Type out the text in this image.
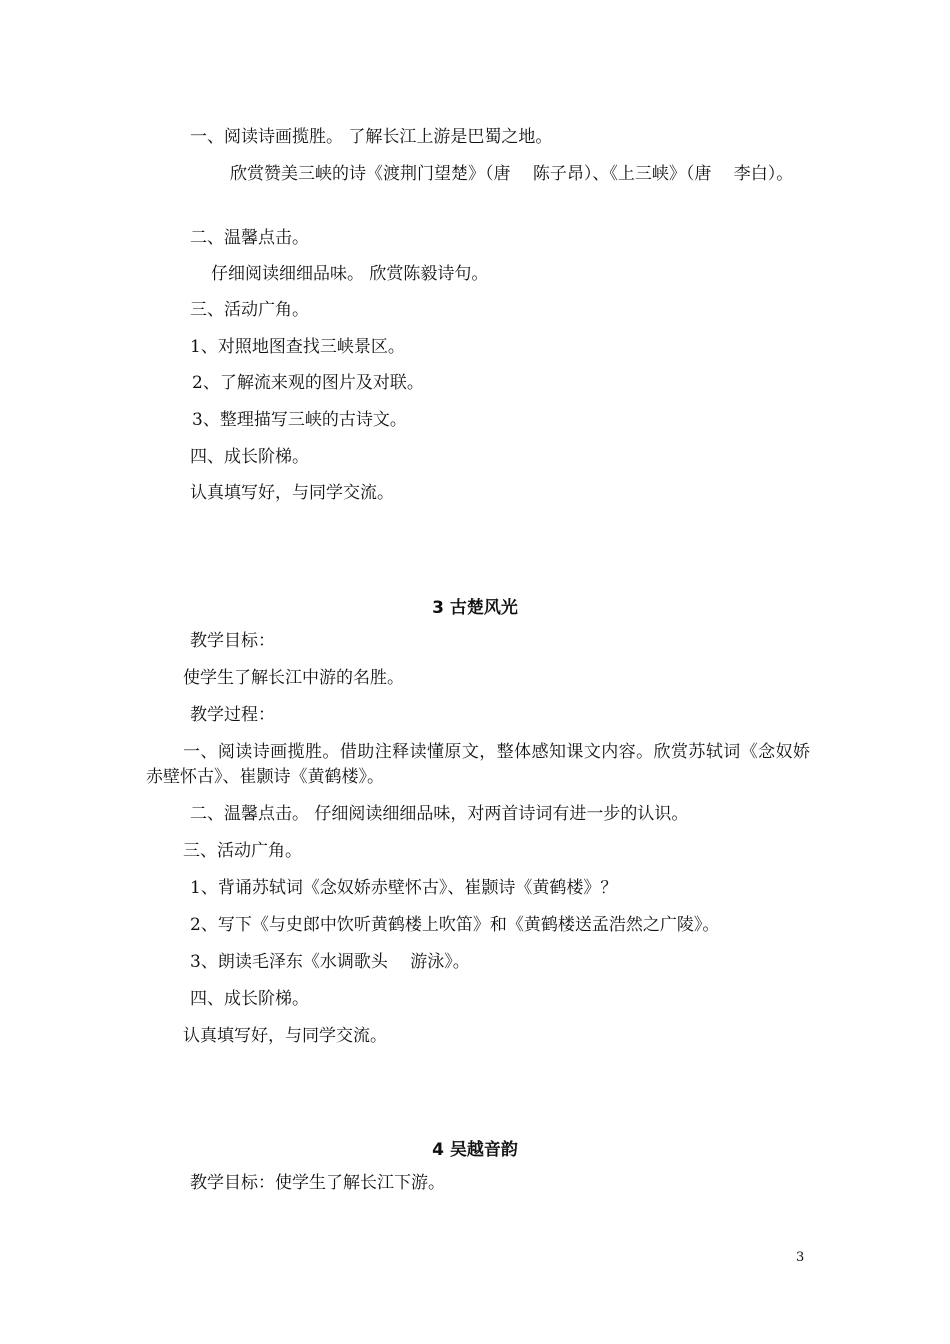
一、阅读诗画揽胜。 了解长江上游是巴蜀之地。
欣赏赞美三峡的诗《渡荆门望楚》（唐　 陈子昂）、《上三峡》（唐　 李白）。
二、温馨点击。
仔细阅读细细品味。 欣赏陈毅诗句。
三、活动广角。
1、对照地图查找三峡景区。
2、了解流来观的图片及对联。
3、整理描写三峡的古诗文。
四、成长阶梯。
认真填写好，与同学交流。
3 古楚风光
教学目标：
使学生了解长江中游的名胜。
教学过程：
一、阅读诗画揽胜。借助注释读懂原文，整体感知课文内容。欣赏苏轼词《念奴娇 赤壁怀古》、崔颢诗《黄鹤楼》。
二、温馨点击。 仔细阅读细细品味，对两首诗词有进一步的认识。
三、活动广角。
1、背诵苏轼词《念奴娇赤壁怀古》、崔颢诗《黄鹤楼》？
2、写下《与史郎中饮听黄鹤楼上吹笛》和《黄鹤楼送孟浩然之广陵》。
3、朗读毛泽东《水调歌头　 游泳》。
四、成长阶梯。
认真填写好，与同学交流。
4 吴越音韵
教学目标：使学生了解长江下游。
3
